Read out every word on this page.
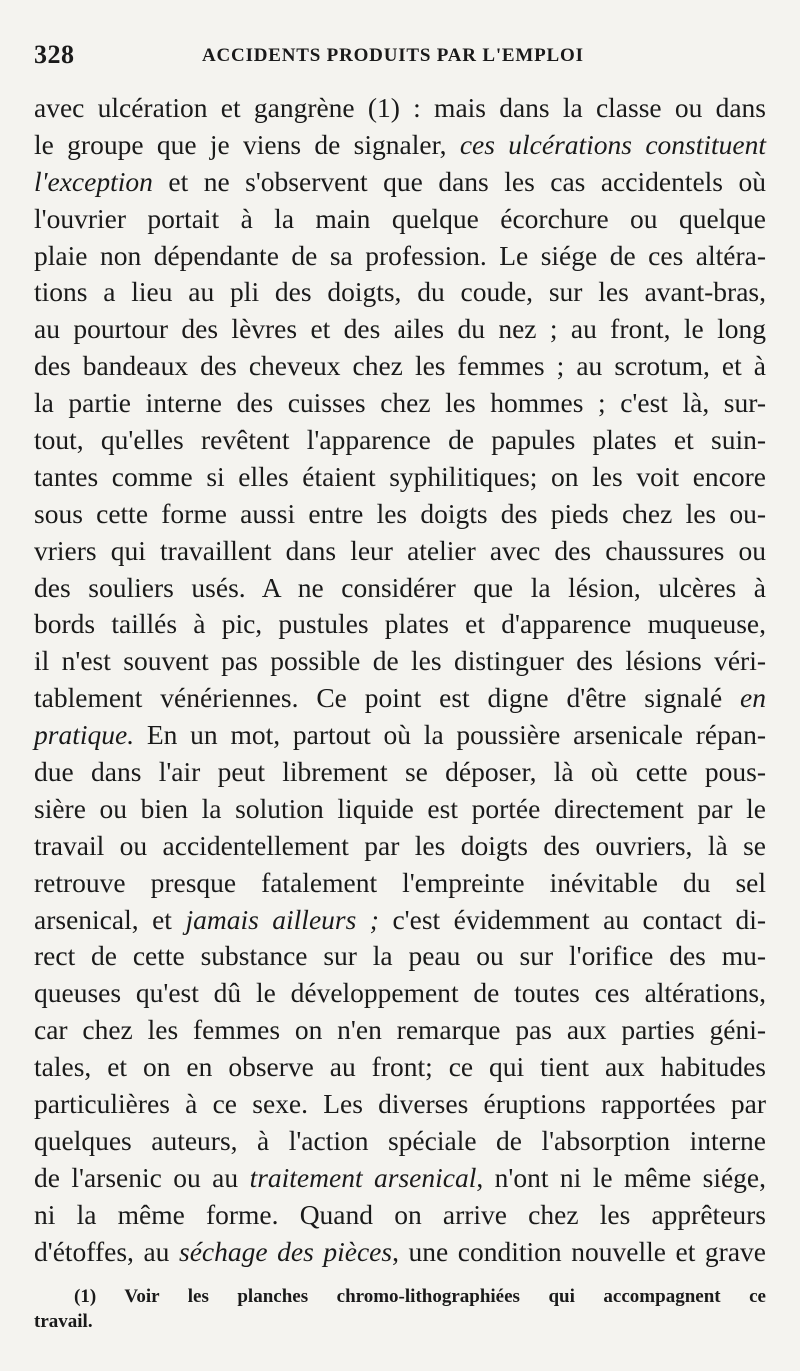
328	ACCIDENTS PRODUITS PAR L'EMPLOI
avec ulcération et gangrène (1) : mais dans la classe ou dans
le groupe que je viens de signaler, ces ulcérations constituent
l'exception et ne s'observent que dans les cas accidentels où
l'ouvrier portait à la main quelque écorchure ou quelque
plaie non dépendante de sa profession. Le siége de ces altéra-
tions a lieu au pli des doigts, du coude, sur les avant-bras,
au pourtour des lèvres et des ailes du nez ; au front, le long
des bandeaux des cheveux chez les femmes ; au scrotum, et à
la partie interne des cuisses chez les hommes ; c'est là, sur-
tout, qu'elles revêtent l'apparence de papules plates et suin-
tantes comme si elles étaient syphilitiques; on les voit encore
sous cette forme aussi entre les doigts des pieds chez les ou-
vriers qui travaillent dans leur atelier avec des chaussures ou
des souliers usés. A ne considérer que la lésion, ulcères à
bords taillés à pic, pustules plates et d'apparence muqueuse,
il n'est souvent pas possible de les distinguer des lésions véri-
tablement vénériennes. Ce point est digne d'être signalé en
pratique. En un mot, partout où la poussière arsenicale répan-
due dans l'air peut librement se déposer, là où cette pous-
sière ou bien la solution liquide est portée directement par le
travail ou accidentellement par les doigts des ouvriers, là se
retrouve presque fatalement l'empreinte inévitable du sel
arsenical, et jamais ailleurs ; c'est évidemment au contact di-
rect de cette substance sur la peau ou sur l'orifice des mu-
queuses qu'est dû le développement de toutes ces altérations,
car chez les femmes on n'en remarque pas aux parties géni-
tales, et on en observe au front; ce qui tient aux habitudes
particulières à ce sexe. Les diverses éruptions rapportées par
quelques auteurs, à l'action spéciale de l'absorption interne
de l'arsenic ou au traitement arsenical, n'ont ni le même siége,
ni la même forme. Quand on arrive chez les apprêteurs
d'étoffes, au séchage des pièces, une condition nouvelle et grave
(1) Voir les planches chromo-lithographiées qui accompagnent ce
travail.
